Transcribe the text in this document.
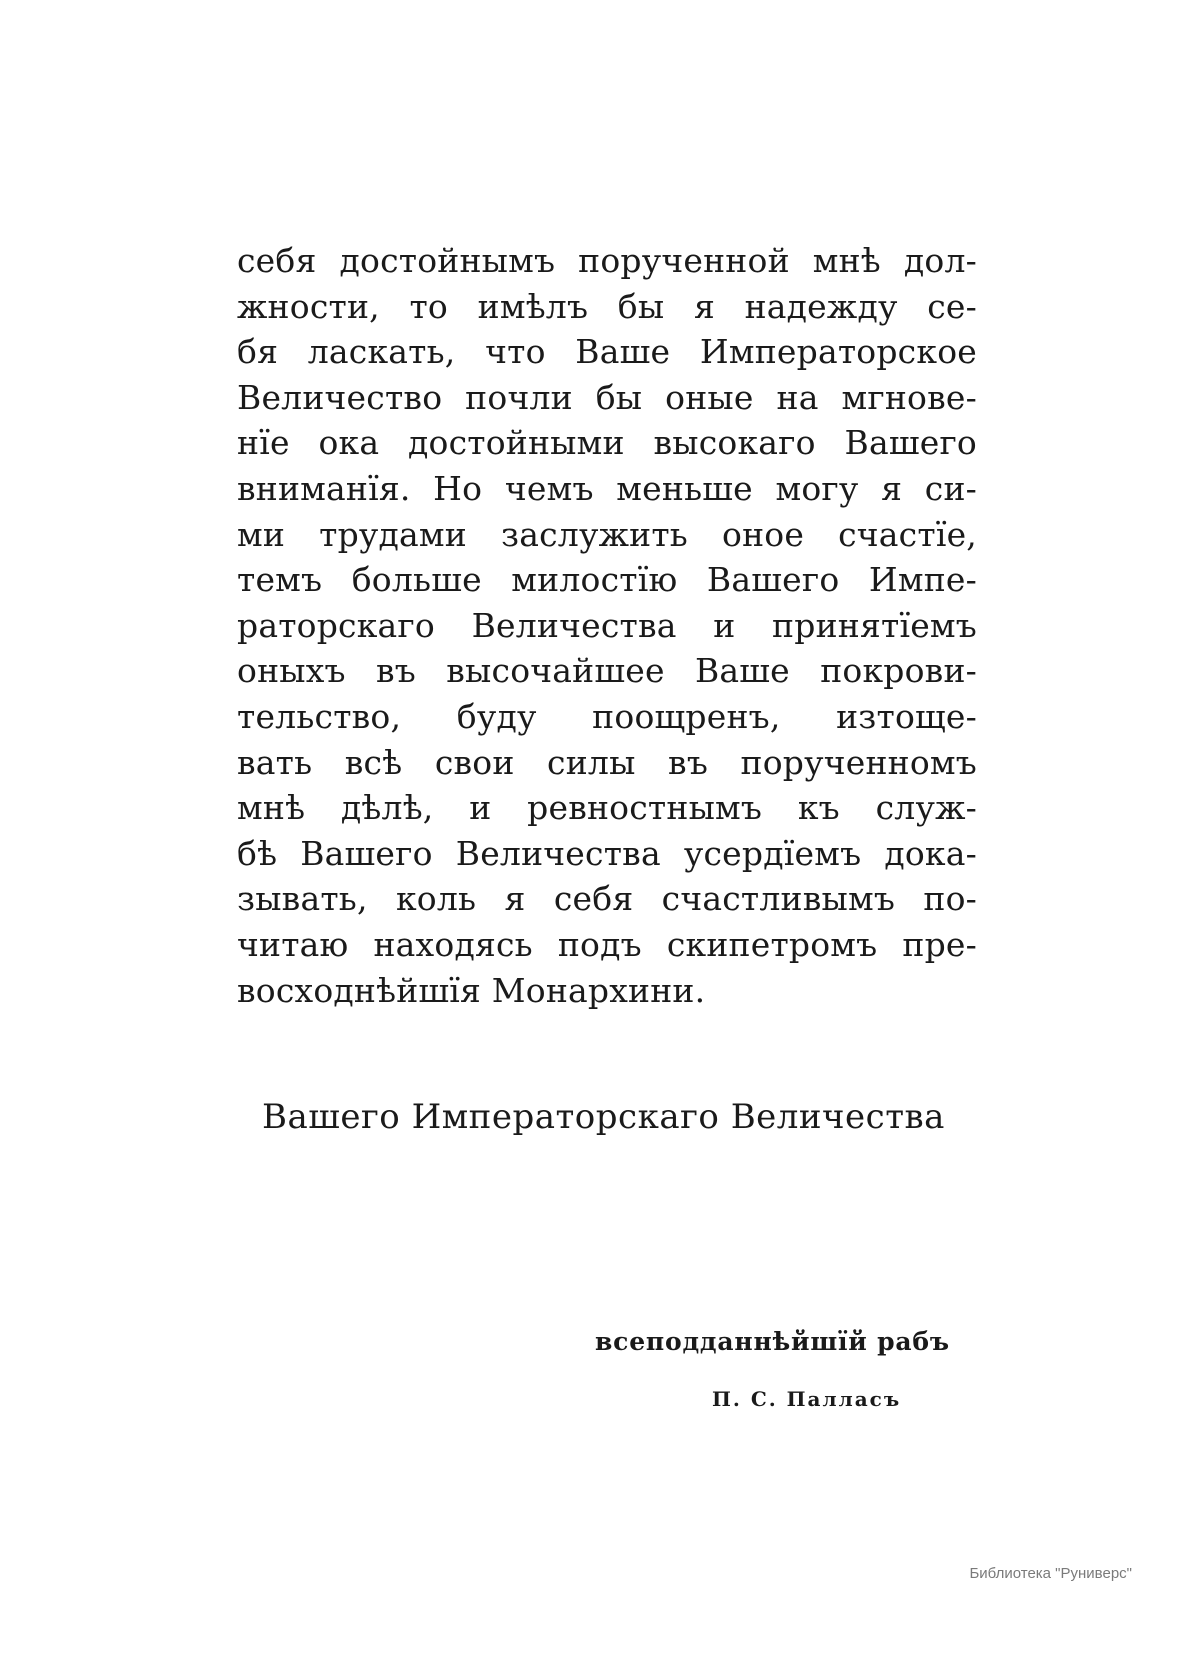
себя достойнымъ порученной мнѣ дол-
жности, то имѣлъ бы я надежду се-
бя ласкать, что Ваше Императорское
Величество почли бы оные на мгнове-
нїе ока достойными высокаго Вашего
вниманїя. Но чемъ меньше могу я си-
ми трудами заслужить оное счастїе,
темъ больше милостїю Вашего Импе-
раторскаго Величества и принятїемъ
оныхъ въ высочайшее Ваше покрови-
тельство, буду поощренъ, изтоще-
вать всѣ свои силы въ порученномъ
мнѣ дѣлѣ, и ревностнымъ къ служ-
бѣ Вашего Величества усердїемъ дока-
зывать, коль я себя счастливымъ по-
читаю находясь подъ скипетромъ пре-
восходнѣйшїя Монархини.
Вашего Императорскаго Величества
всеподданнѣйшїй рабъ
П. С. Палласъ
Библиотека "Руниверс"
